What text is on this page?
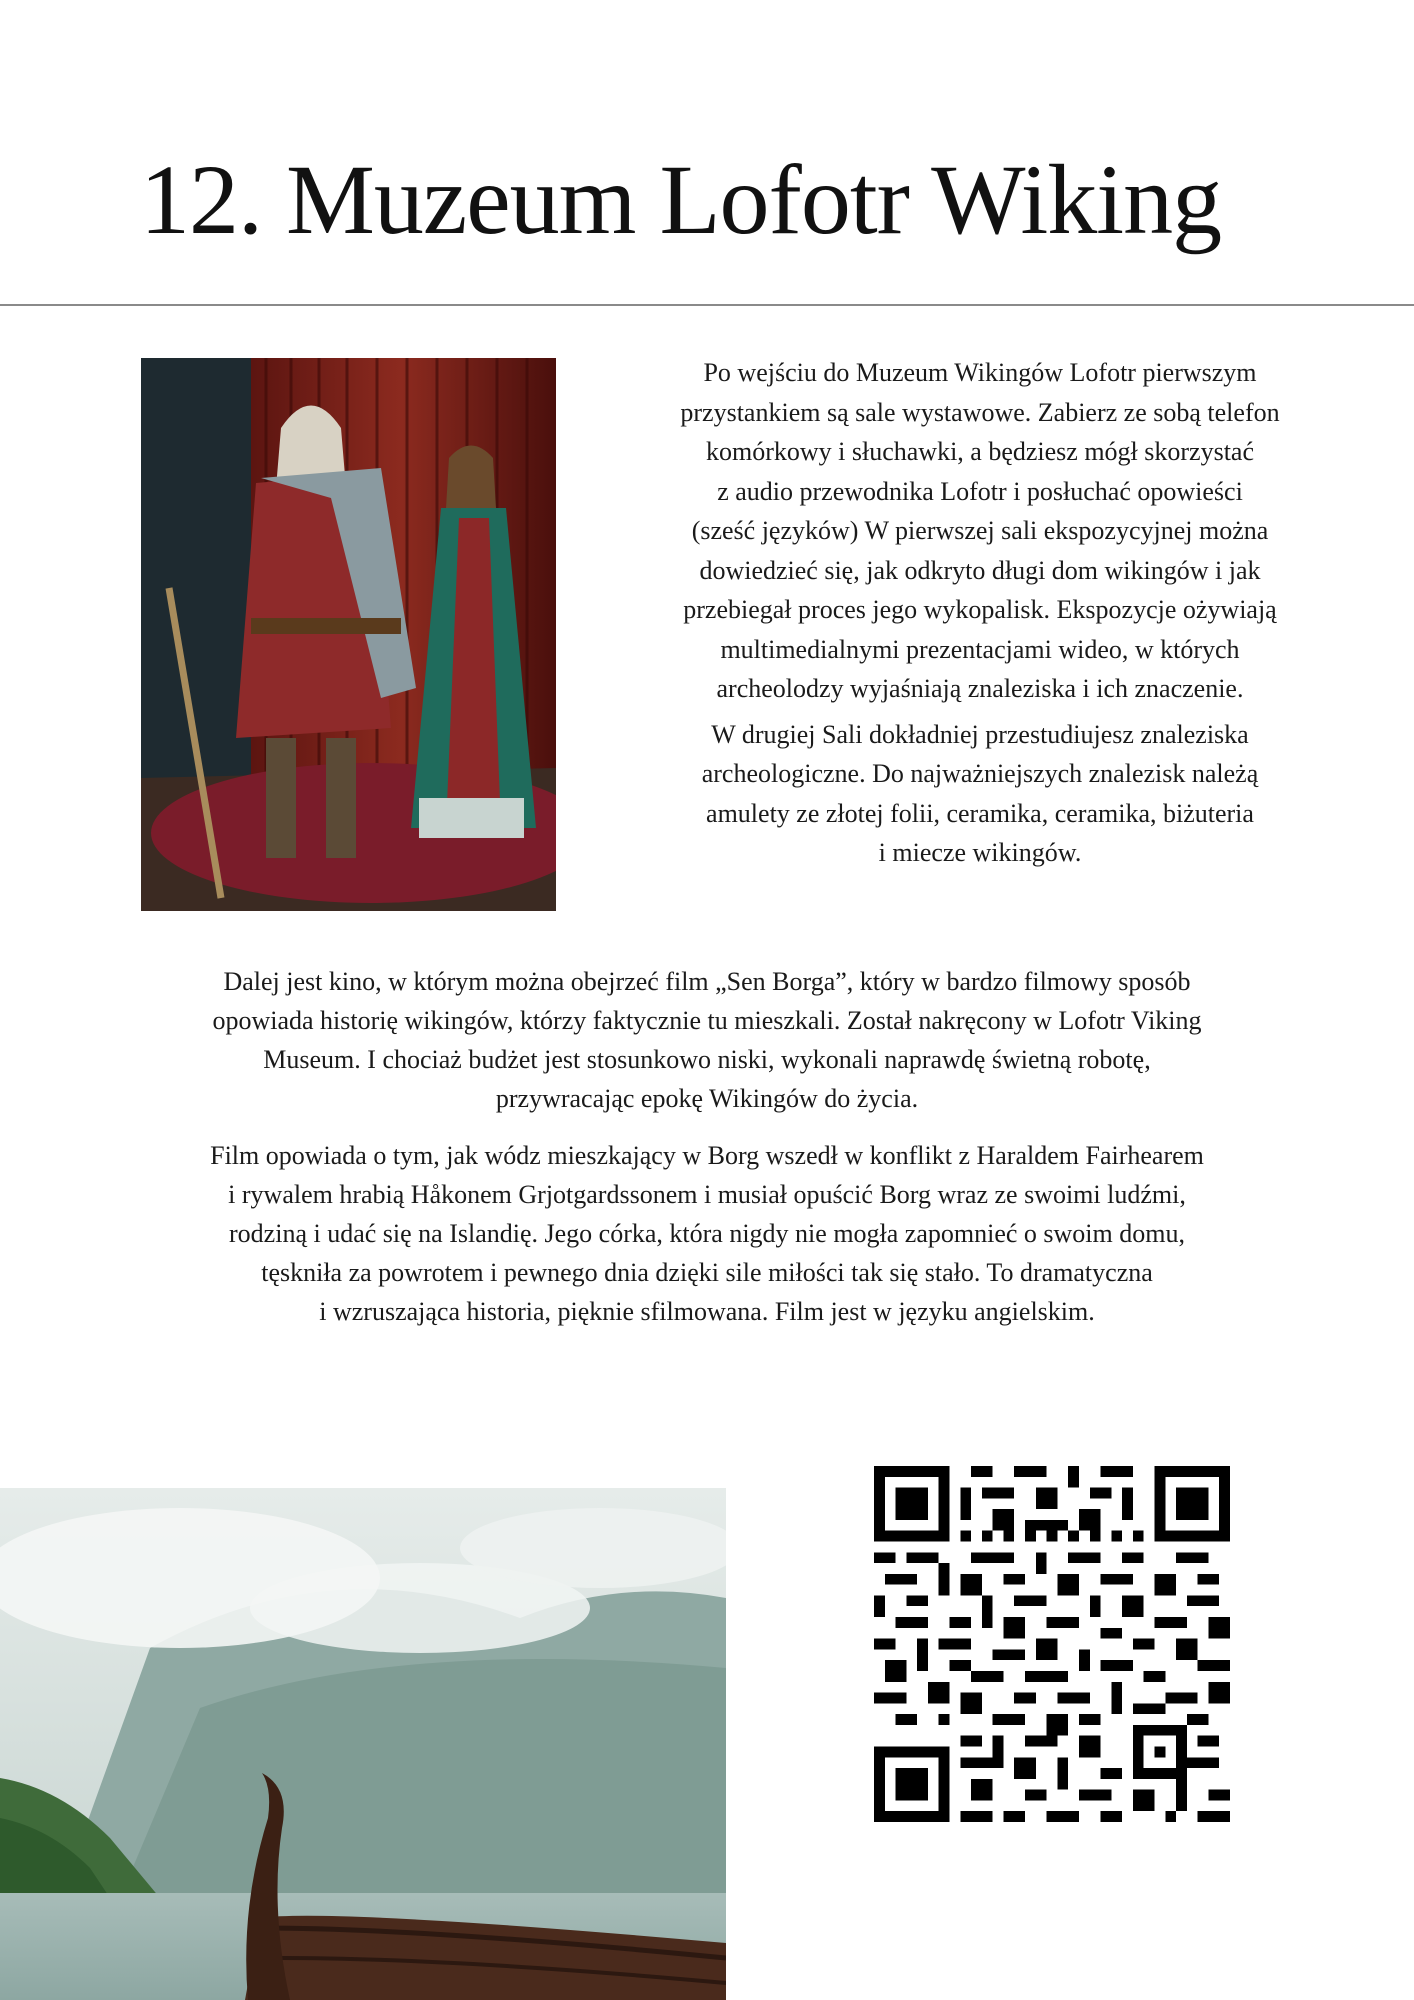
12. Muzeum Lofotr Wiking

Po wejściu do Muzeum Wikingów Lofotr pierwszym
przystankiem są sale wystawowe. Zabierz ze sobą telefon
komórkowy i słuchawki, a będziesz mógł skorzystać
z audio przewodnika Lofotr i posłuchać opowieści
(sześć języków) W pierwszej sali ekspozycyjnej można
dowiedzieć się, jak odkryto długi dom wikingów i jak
przebiegał proces jego wykopalisk. Ekspozycje ożywiają
multimedialnymi prezentacjami wideo, w których
archeolodzy wyjaśniają znaleziska i ich znaczenie.

W drugiej Sali dokładniej przestudiujesz znaleziska
archeologiczne. Do najważniejszych znalezisk należą
amulety ze złotej folii, ceramika, ceramika, biżuteria
i miecze wikingów.

Dalej jest kino, w którym można obejrzeć film „Sen Borga”, który w bardzo filmowy sposób
opowiada historię wikingów, którzy faktycznie tu mieszkali. Został nakręcony w Lofotr Viking
Museum. I chociaż budżet jest stosunkowo niski, wykonali naprawdę świetną robotę,
przywracając epokę Wikingów do życia.

Film opowiada o tym, jak wódz mieszkający w Borg wszedł w konflikt z Haraldem Fairhearem
i rywalem hrabią Håkonem Grjotgardssonem i musiał opuścić Borg wraz ze swoimi ludźmi,
rodziną i udać się na Islandię. Jego córka, która nigdy nie mogła zapomnieć o swoim domu,
tęskniła za powrotem i pewnego dnia dzięki sile miłości tak się stało. To dramatyczna
i wzruszająca historia, pięknie sfilmowana. Film jest w języku angielskim.
